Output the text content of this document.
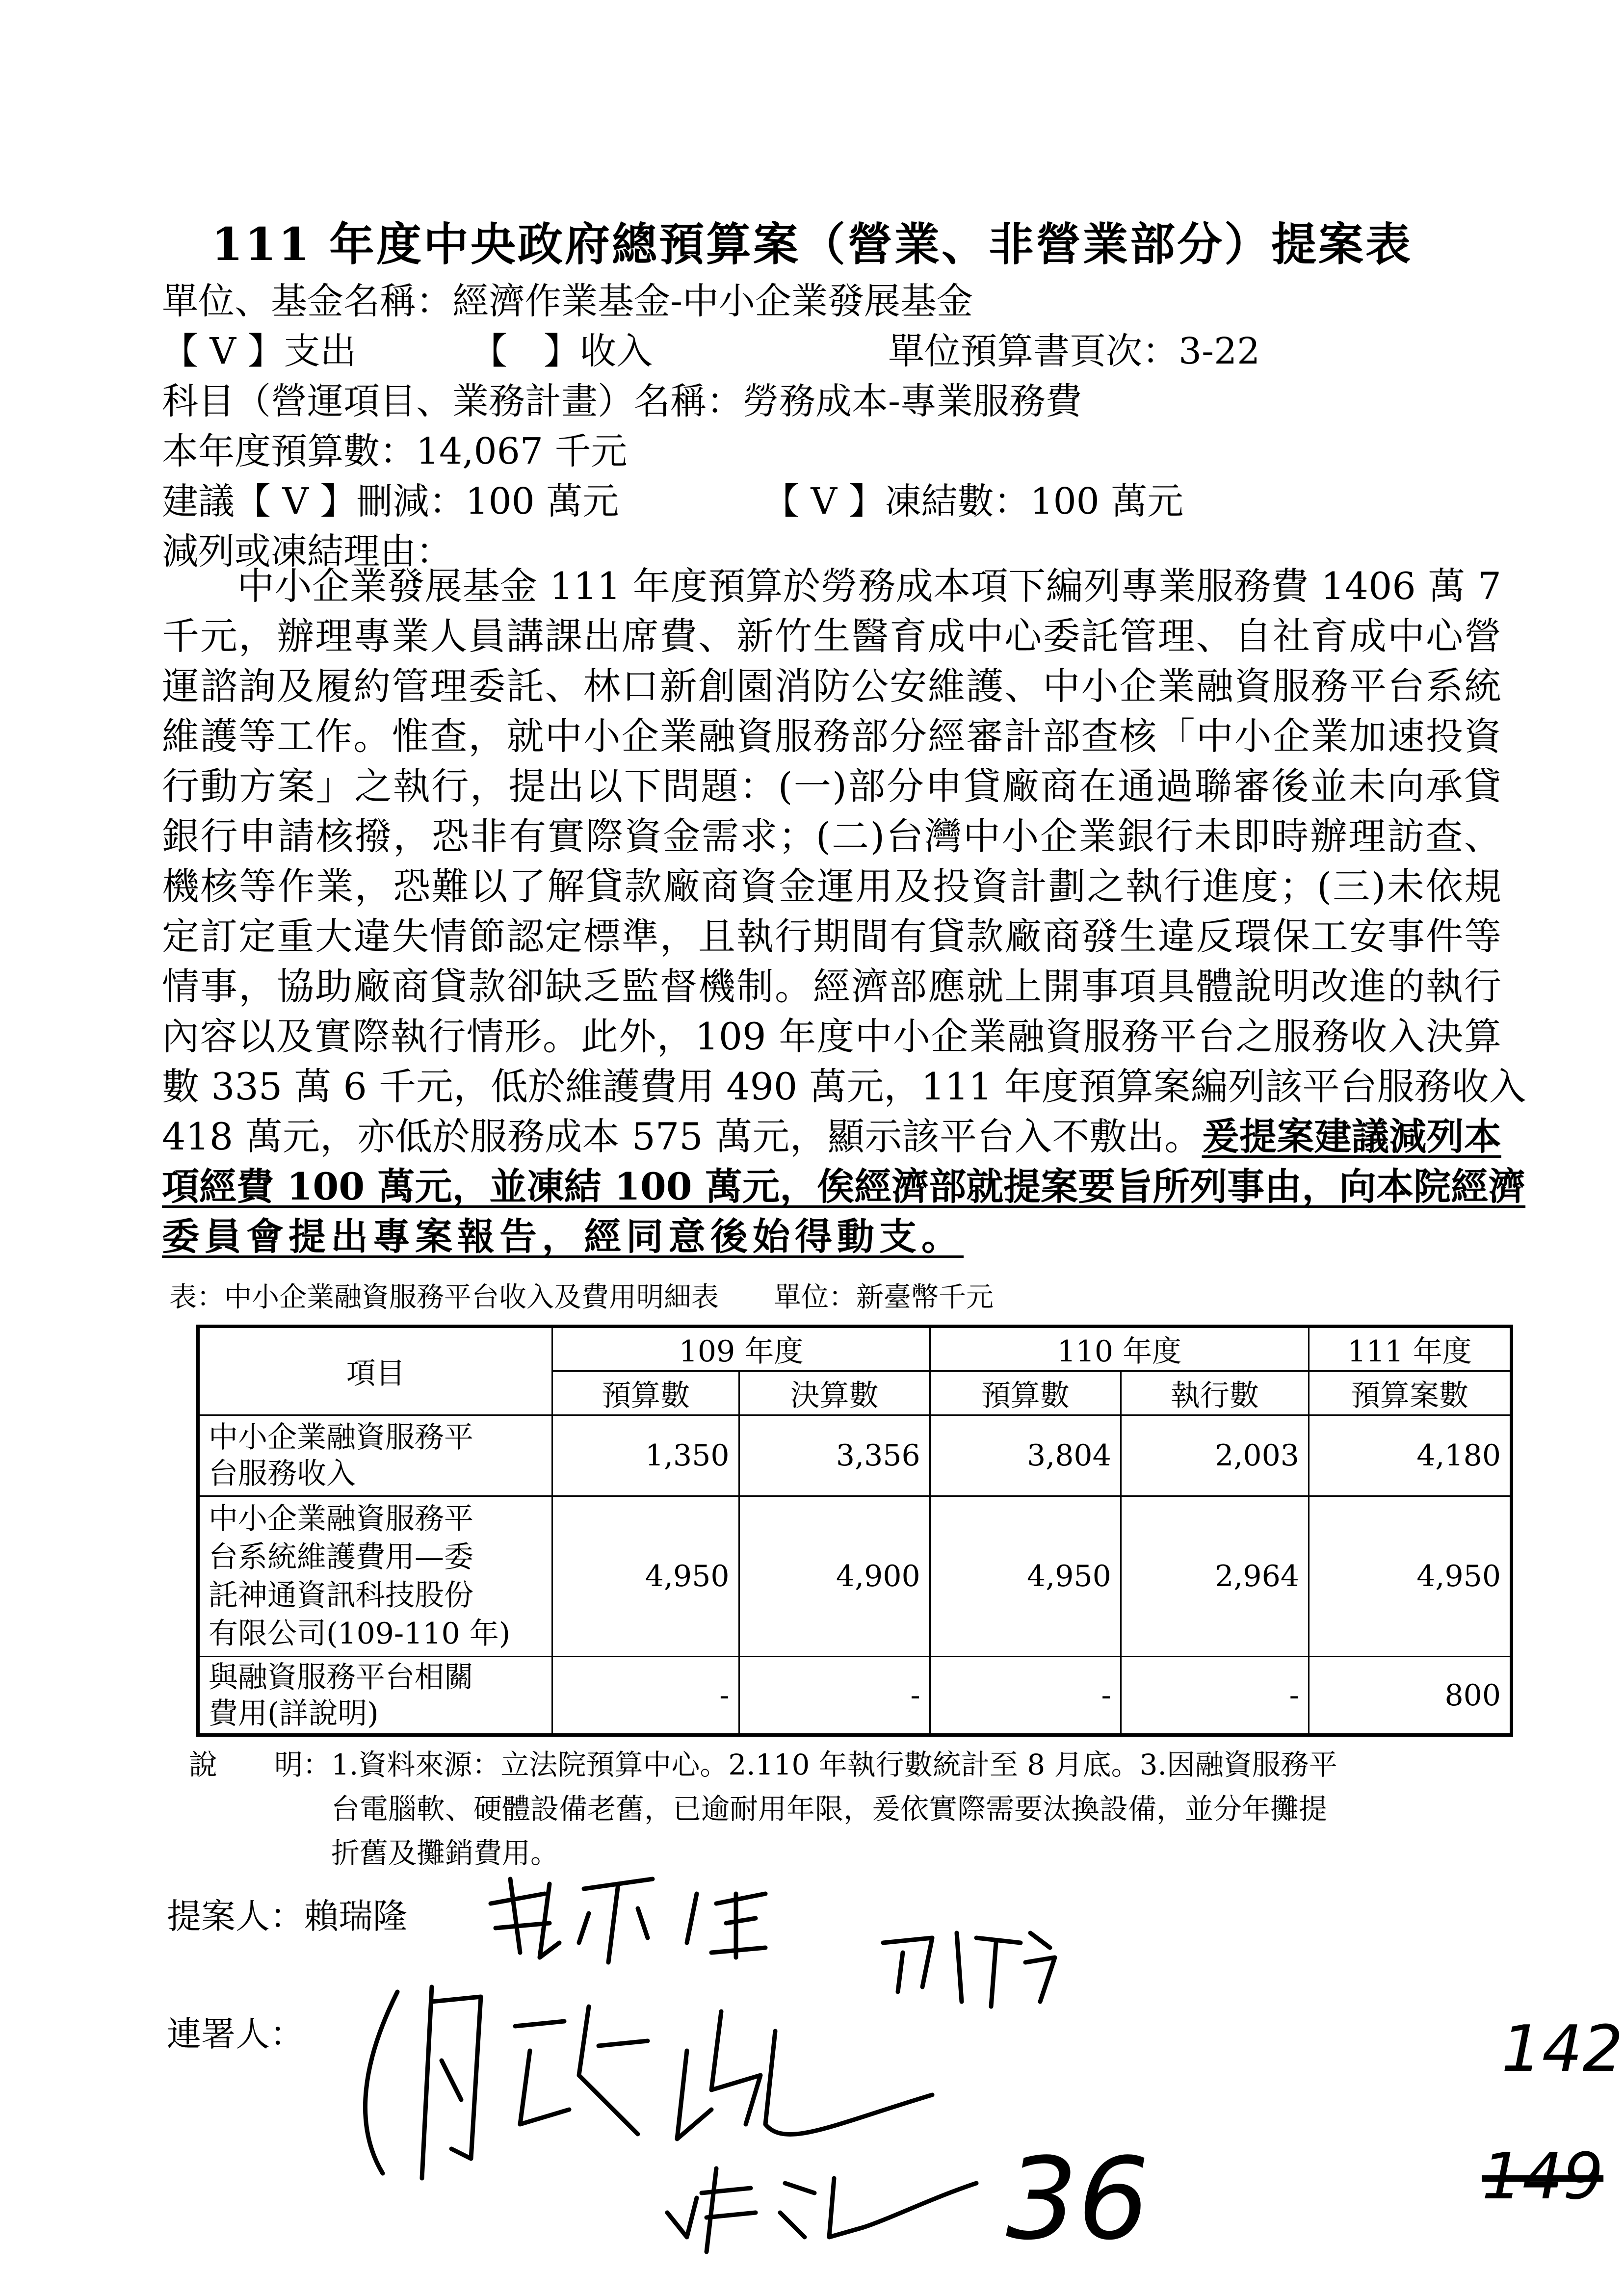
111 年度中央政府總預算案（營業、非營業部分）提案表
單位、基金名稱：經濟作業基金-中小企業發展基金
【 V 】支出	【　】收入	單位預算書頁次：3-22
科目（營運項目、業務計畫）名稱：勞務成本-專業服務費
本年度預算數：14,067 千元
建議【 V 】刪減：100 萬元	【 V 】凍結數：100 萬元
減列或凍結理由：
　　中小企業發展基金 111 年度預算於勞務成本項下編列專業服務費 1406 萬 7
千元，辦理專業人員講課出席費、新竹生醫育成中心委託管理、自社育成中心營
運諮詢及履約管理委託、林口新創園消防公安維護、中小企業融資服務平台系統
維護等工作。惟查，就中小企業融資服務部分經審計部查核「中小企業加速投資
行動方案」之執行，提出以下問題：(一)部分申貸廠商在通過聯審後並未向承貸
銀行申請核撥，恐非有實際資金需求；(二)台灣中小企業銀行未即時辦理訪查、
機核等作業，恐難以了解貸款廠商資金運用及投資計劃之執行進度；(三)未依規
定訂定重大違失情節認定標準，且執行期間有貸款廠商發生違反環保工安事件等
情事，協助廠商貸款卻缺乏監督機制。經濟部應就上開事項具體說明改進的執行
內容以及實際執行情形。此外，109 年度中小企業融資服務平台之服務收入決算
數 335 萬 6 千元，低於維護費用 490 萬元，111 年度預算案編列該平台服務收入
418 萬元，亦低於服務成本 575 萬元，顯示該平台入不敷出。爰提案建議減列本
項經費 100 萬元，並凍結 100 萬元，俟經濟部就提案要旨所列事由，向本院經濟
委員會提出專案報告，經同意後始得動支。
表：中小企業融資服務平台收入及費用明細表　　單位：新臺幣千元
項目	109 年度		110 年度		111 年度
	預算數	決算數	預算數	執行數	預算案數

中小企業融資服務平
台服務收入	1,350	3,356	3,804	2,003	4,180

中小企業融資服務平
台系統維護費用—委
託神通資訊科技股份
有限公司(109-110 年)	4,950	4,900	4,950	2,964	4,950

與融資服務平台相關
費用(詳說明)	-	-	-	-	800
說　　明：1.資料來源：立法院預算中心。2.110 年執行數統計至 8 月底。3.因融資服務平
　　　　　台電腦軟、硬體設備老舊，已逾耐用年限，爰依實際需要汰換設備，並分年攤提
　　　　　折舊及攤銷費用。
提案人：賴瑞隆
連署人：
36
142
149
